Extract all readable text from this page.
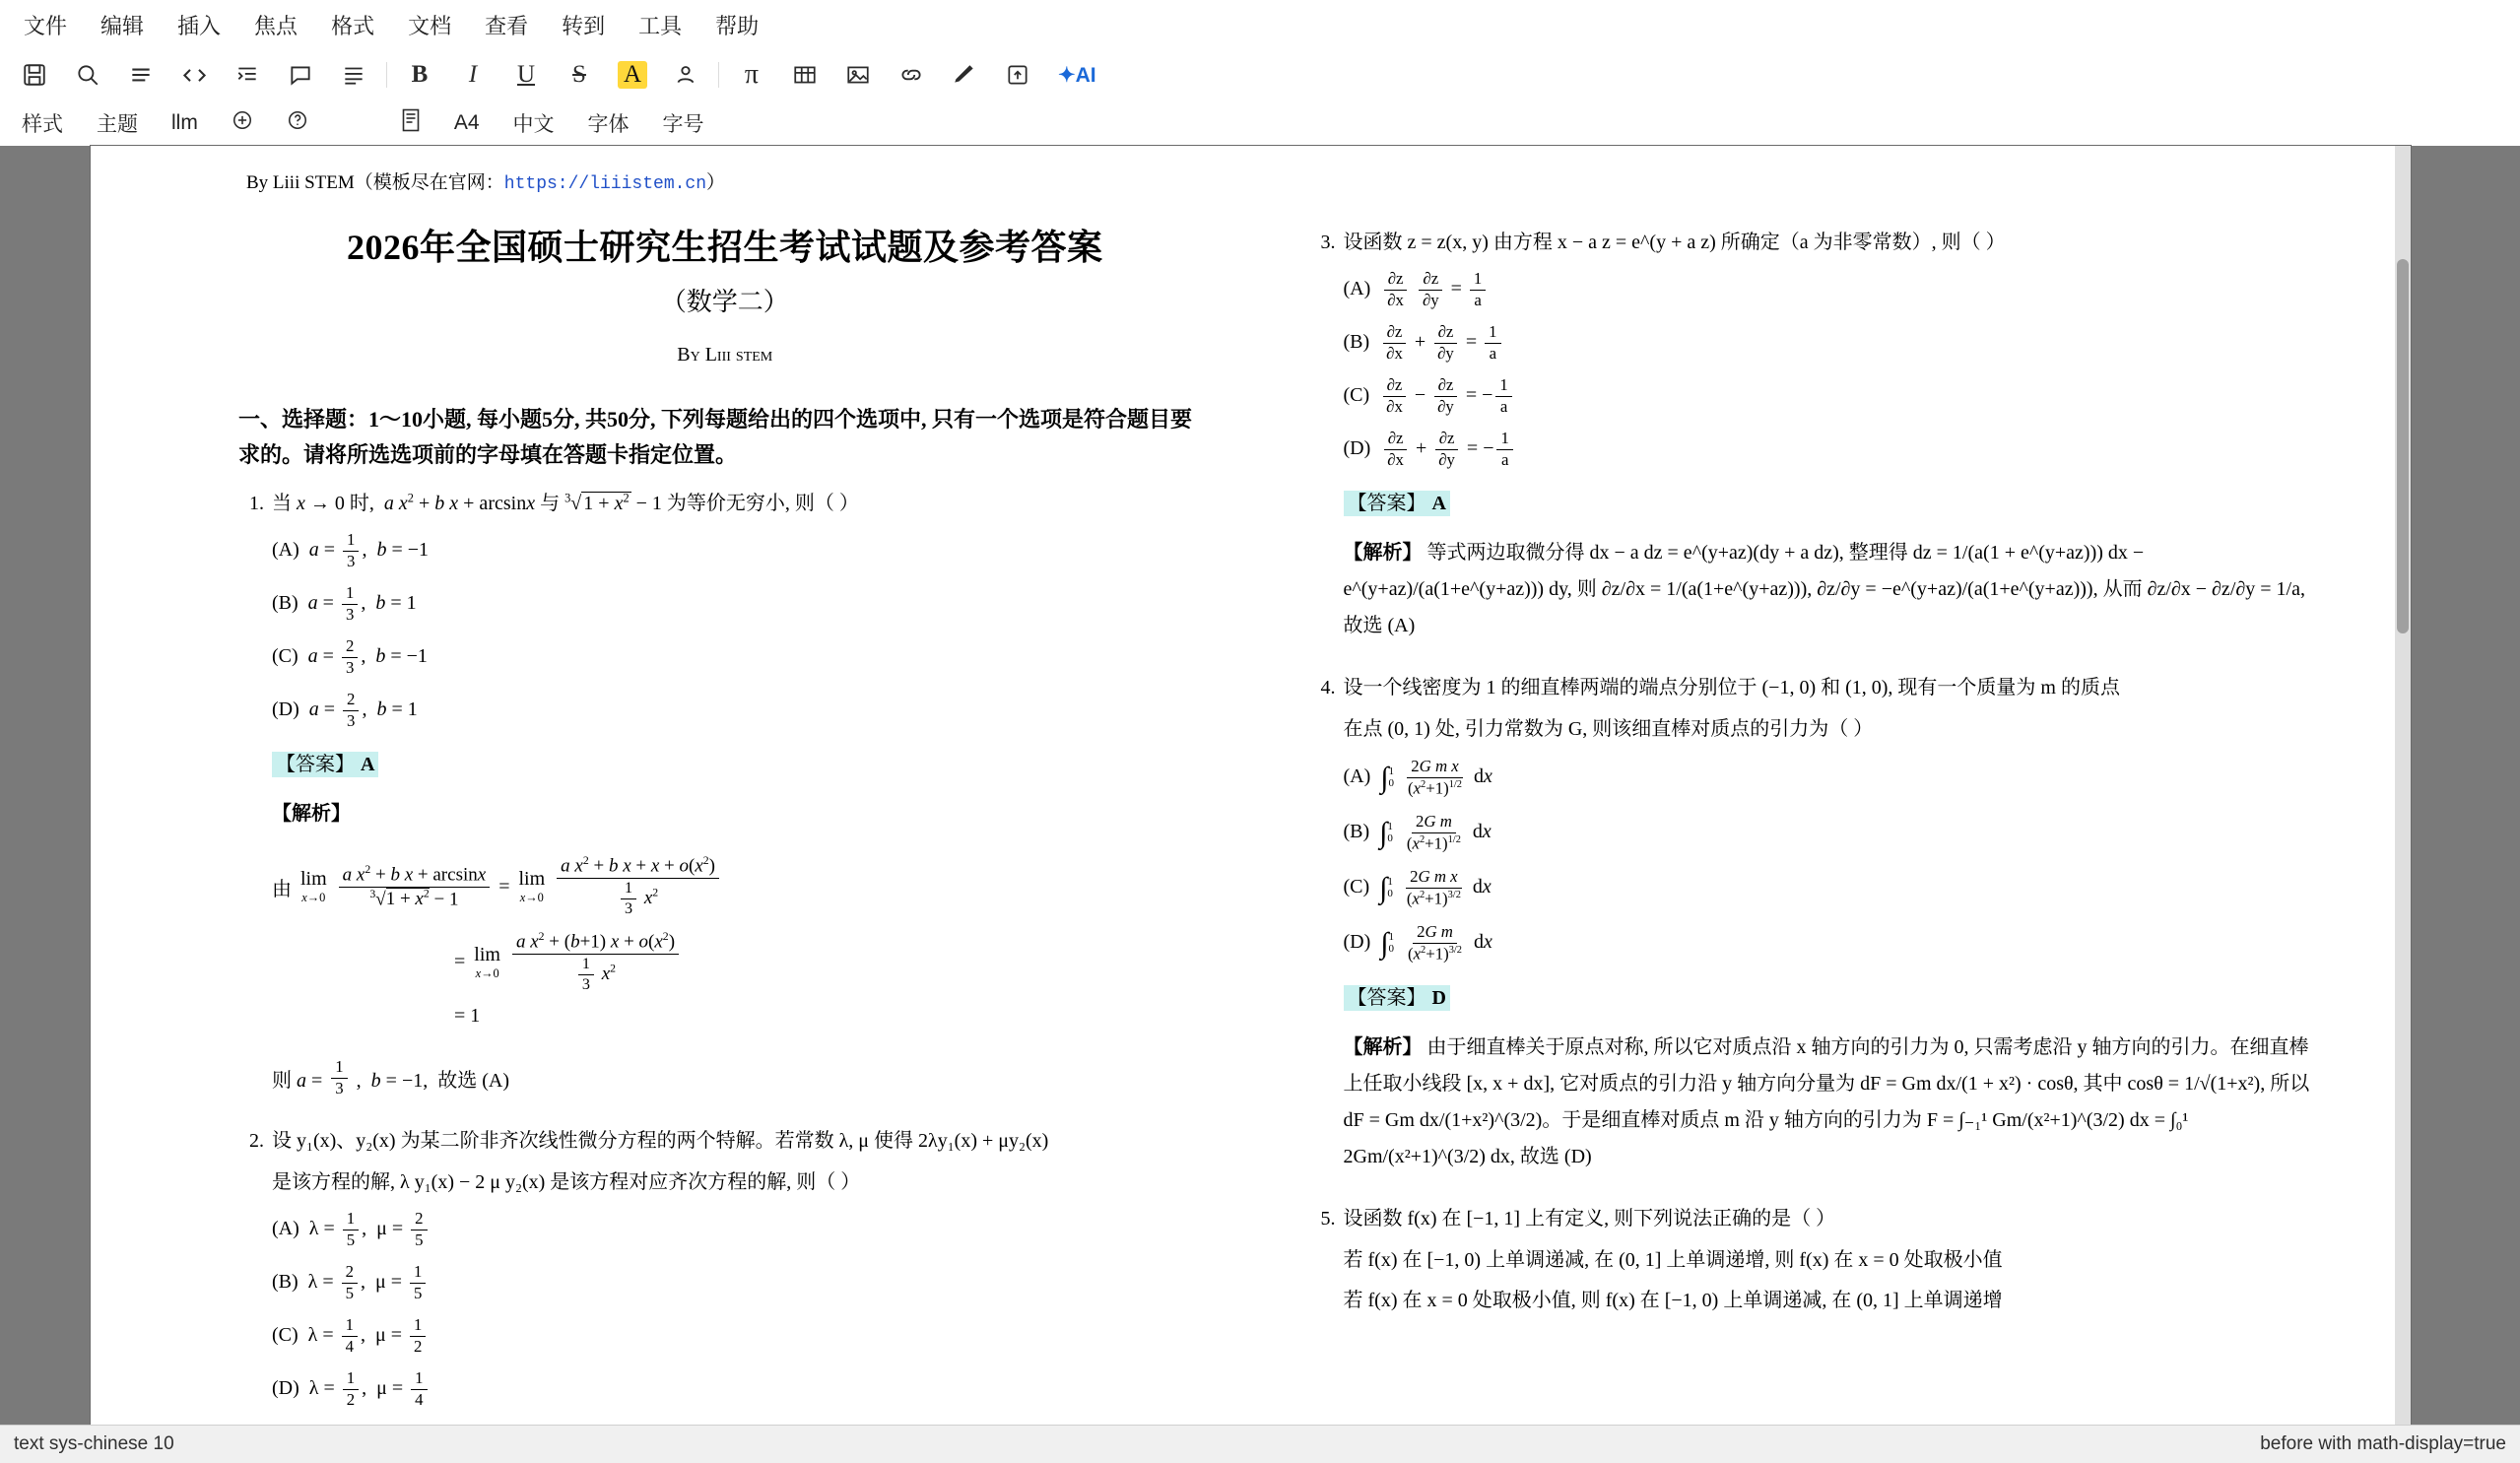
文件	编辑	插入	焦点	格式	文档	查看	转到	工具	帮助
B	I	U	S	A	π	✦AI
样式 主题 llm	A4 中文 字体 字号
By Liii STEM（模板尽在官网：https://liiistem.cn）
2026年全国硕士研究生招生考试试题及参考答案
（数学二）
By Liii stem
一、选择题：1～10小题, 每小题5分, 共50分, 下列每题给出的四个选项中, 只有一个选项是符合题目要求的。请将所选选项前的字母填在答题卡指定位置。
1. 当 x → 0 时,  a $x^2 + b$ x + arcsinx 与 $^3$√ $1 + x^2 - 1$ 为等价无穷小, 则（ ）
(A)  $a = \frac{1}{3}$ ,  b = −1
(B)  $a = \frac{1}{3}$ ,  b = 1
(C)  $a = \frac{2}{3}$ ,  b = −1
(D)  $a = \frac{2}{3}$ ,  b = 1
【答案】 A
【解析】
由 lim
$x\to 0 \frac{a x^2 + b x + \arcsin x}{^3√1 + x^2 - 1} = \lim$
$x\to 0 \frac{a x^2 + b x + x + o(x^2)}{\frac{1}{3} x^2}$
= lim
$x\to 0 \frac{a x^2 + (b+1) x + o(x^2)}{\frac{1}{3} x^2}$
= 1
则 $a = \frac{1}{3}$ ,  b = −1,  故选 (A)
2. 设 y₁(x)、y₂(x) 为某二阶非齐次线性微分方程的两个特解。若常数 λ, μ 使得 2λy₁(x) + μy₂(x)
是该方程的解, λ y₁(x) − 2 μ y₂(x) 是该方程对应齐次方程的解, 则（ ）
(A)  $\lambda = \frac{1}{5}$ ,  $\mu = \frac{2}{5}$
(B)  $\lambda = \frac{2}{5}$ ,  $\mu = \frac{1}{5}$
(C)  $\lambda = \frac{1}{4}$ ,  $\mu = \frac{1}{2}$
(D)  $\lambda = \frac{1}{2}$ ,  $\mu = \frac{1}{4}$
3. 设函数 z = z(x, y) 由方程 x − a z = e^(y + a z) 所确定（a 为非零常数）, 则（ ）
$(A) \frac{\partial z}{\partial x}$
$\frac{\partial z}{\partial y} = \frac{1}{a}$
$(B) \frac{\partial z}{\partial x} + \frac{\partial z}{\partial y} = \frac{1}{a}$
$(C) \frac{\partial z}{\partial x} - \frac{\partial z}{\partial y}$ = − $\frac{1}{a}$
$(D) \frac{\partial z}{\partial x} + \frac{\partial z}{\partial y}$ = − $\frac{1}{a}$
【答案】 A
【解析】 等式两边取微分得 dx − a dz = e^(y+az)(dy + a dz), 整理得 dz = 1/(a(1 + e^(y+az))) dx − e^(y+az)/(a(1+e^(y+az))) dy, 则 ∂z/∂x = 1/(a(1+e^(y+az))), ∂z/∂y = −e^(y+az)/(a(1+e^(y+az))), 从而 ∂z/∂x − ∂z/∂y = 1/a, 故选 (A)
4. 设一个线密度为 1 的细直棒两端的端点分别位于 (−1, 0) 和 (1, 0), 现有一个质量为 m 的质点
在点 (0, 1) 处, 引力常数为 G, 则该细直棒对质点的引力为（ ）
(A)  ∫ 1
0
$\frac{\text{2G m x}}{(x^2+1)^{1/2}}$ dx
(B)  ∫ 1
0
$\frac{\text{2G m}}{(x^2+1)^{1/2}}$ dx
(C)  ∫ 1
0
$\frac{\text{2G m x}}{(x^2+1)^{3/2}}$ dx
(D)  ∫ 1
0
$\frac{\text{2G m}}{(x^2+1)^{3/2}}$ dx
【答案】 D
【解析】 由于细直棒关于原点对称, 所以它对质点沿 x 轴方向的引力为 0, 只需考虑沿 y 轴方向的引力。在细直棒上任取小线段 [x, x + dx], 它对质点的引力沿 y 轴方向分量为 dF = Gm dx/(1 + x²) · cosθ, 其中 cosθ = 1/√(1+x²), 所以 dF = Gm dx/(1+x²)^(3/2)。于是细直棒对质点 m 沿 y 轴方向的引力为 F = ∫₋₁¹ Gm/(x²+1)^(3/2) dx = ∫₀¹ 2Gm/(x²+1)^(3/2) dx, 故选 (D)
5. 设函数 f(x) 在 [−1, 1] 上有定义, 则下列说法正确的是（ ）
若 f(x) 在 [−1, 0) 上单调递减, 在 (0, 1] 上单调递增, 则 f(x) 在 x = 0 处取极小值
若 f(x) 在 x = 0 处取极小值, 则 f(x) 在 [−1, 0) 上单调递减, 在 (0, 1] 上单调递增
text sys-chinese 10	before with math-display=true
